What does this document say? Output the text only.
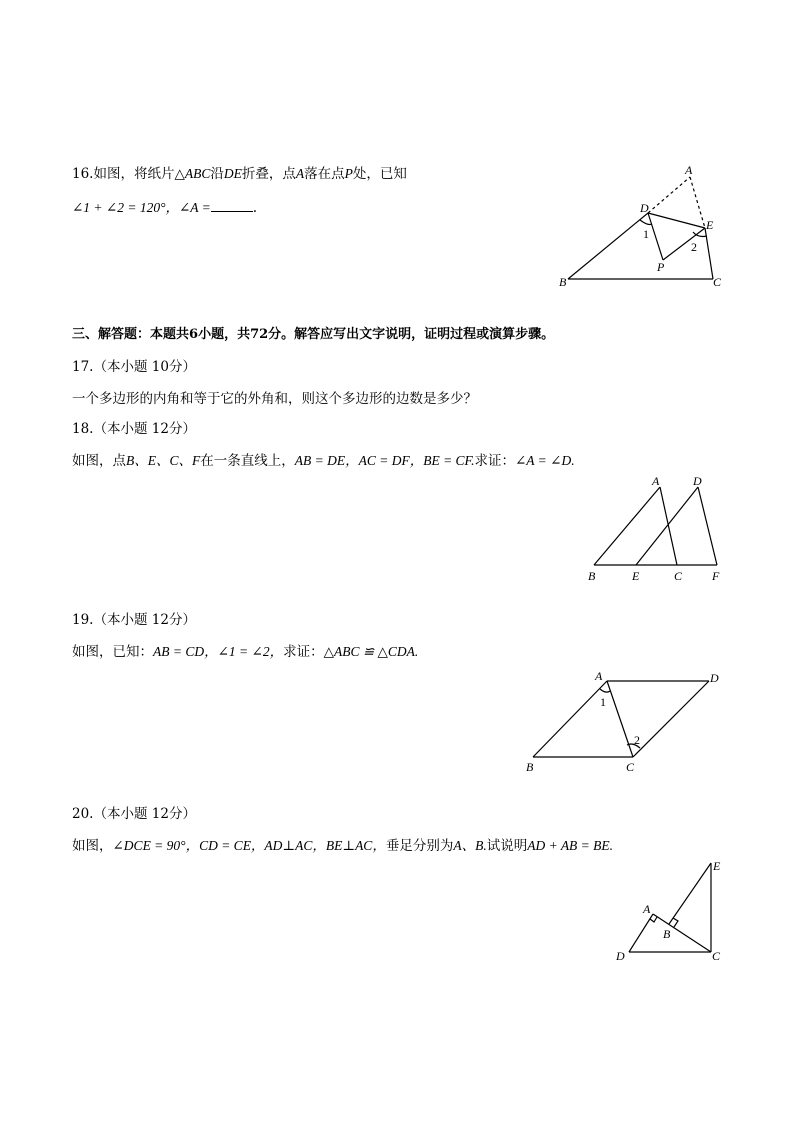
16.如图，将纸片△ABC沿DE折叠，点A落在点P处，已知
∠1 + ∠2 = 120°，∠A =	.
A
D
E
P
B	C
1
2
三、解答题：本题共6小题，共72分。解答应写出文字说明，证明过程或演算步骤。
17.（本小题 10分）
一个多边形的内角和等于它的外角和，则这个多边形的边数是多少？
18.（本小题 12分）
如图，点B、E、C、F在一条直线上，AB = DE，AC = DF，BE = CF.求证：∠A = ∠D.
A	D
B	E	C F
19.（本小题 12分）
如图，已知：AB = CD，∠1 = ∠2，求证：△ABC ≌ △CDA.
A	D
B	C
1
2
20.（本小题 12分）
如图，∠DCE = 90°，CD = CE，AD⊥AC，BE⊥AC，垂足分别为A、B.试说明AD + AB = BE.
E
A
B
D	C
